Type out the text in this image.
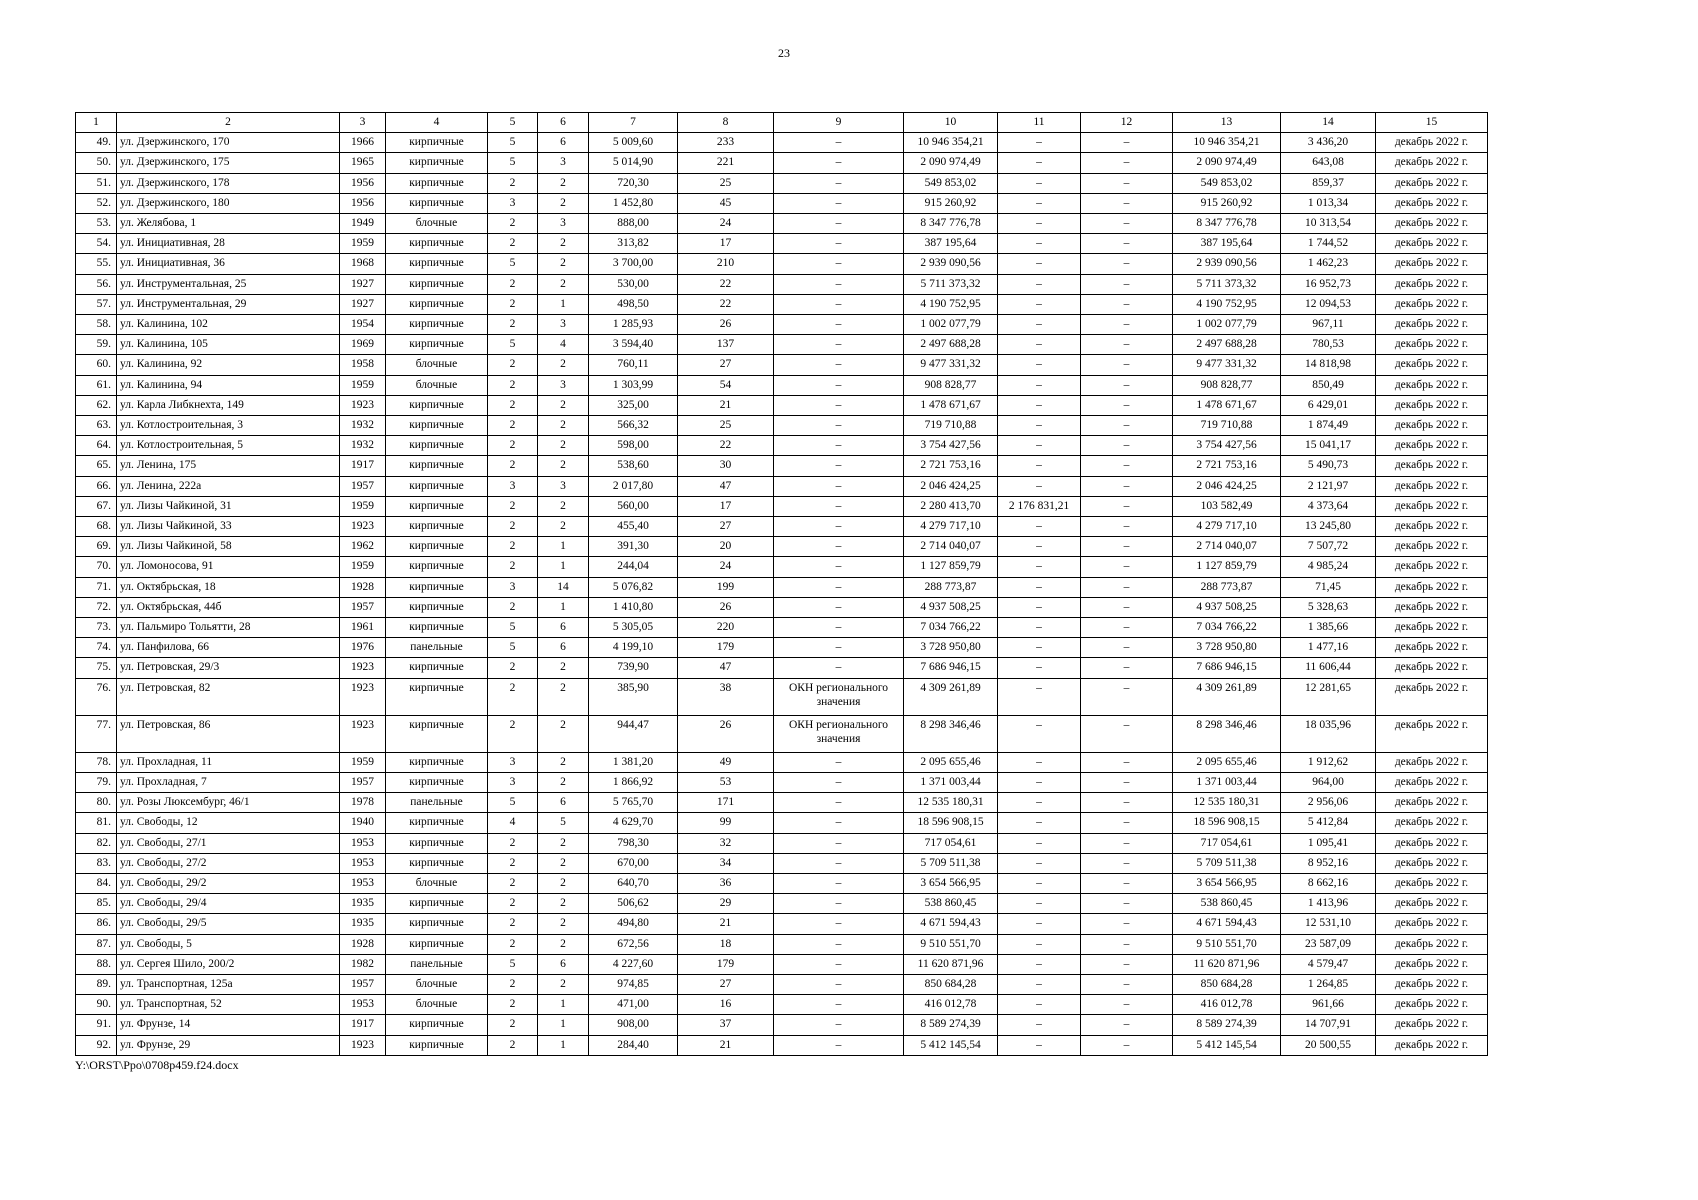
23
1	2	3	4	5	6	7	8	9	10	11	12	13	14	15
49.	ул. Дзержинского, 170	1966	кирпичные	5	6	5 009,60	233	–	10 946 354,21	–	–	10 946 354,21	3 436,20	декабрь 2022 г.
50.	ул. Дзержинского, 175	1965	кирпичные	5	3	5 014,90	221	–	2 090 974,49	–	–	2 090 974,49	643,08	декабрь 2022 г.
51.	ул. Дзержинского, 178	1956	кирпичные	2	2	720,30	25	–	549 853,02	–	–	549 853,02	859,37	декабрь 2022 г.
52.	ул. Дзержинского, 180	1956	кирпичные	3	2	1 452,80	45	–	915 260,92	–	–	915 260,92	1 013,34	декабрь 2022 г.
53.	ул. Желябова, 1	1949	блочные	2	3	888,00	24	–	8 347 776,78	–	–	8 347 776,78	10 313,54	декабрь 2022 г.
54.	ул. Инициативная, 28	1959	кирпичные	2	2	313,82	17	–	387 195,64	–	–	387 195,64	1 744,52	декабрь 2022 г.
55.	ул. Инициативная, 36	1968	кирпичные	5	2	3 700,00	210	–	2 939 090,56	–	–	2 939 090,56	1 462,23	декабрь 2022 г.
56.	ул. Инструментальная, 25	1927	кирпичные	2	2	530,00	22	–	5 711 373,32	–	–	5 711 373,32	16 952,73	декабрь 2022 г.
57.	ул. Инструментальная, 29	1927	кирпичные	2	1	498,50	22	–	4 190 752,95	–	–	4 190 752,95	12 094,53	декабрь 2022 г.
58.	ул. Калинина, 102	1954	кирпичные	2	3	1 285,93	26	–	1 002 077,79	–	–	1 002 077,79	967,11	декабрь 2022 г.
59.	ул. Калинина, 105	1969	кирпичные	5	4	3 594,40	137	–	2 497 688,28	–	–	2 497 688,28	780,53	декабрь 2022 г.
60.	ул. Калинина, 92	1958	блочные	2	2	760,11	27	–	9 477 331,32	–	–	9 477 331,32	14 818,98	декабрь 2022 г.
61.	ул. Калинина, 94	1959	блочные	2	3	1 303,99	54	–	908 828,77	–	–	908 828,77	850,49	декабрь 2022 г.
62.	ул. Карла Либкнехта, 149	1923	кирпичные	2	2	325,00	21	–	1 478 671,67	–	–	1 478 671,67	6 429,01	декабрь 2022 г.
63.	ул. Котлостроительная, 3	1932	кирпичные	2	2	566,32	25	–	719 710,88	–	–	719 710,88	1 874,49	декабрь 2022 г.
64.	ул. Котлостроительная, 5	1932	кирпичные	2	2	598,00	22	–	3 754 427,56	–	–	3 754 427,56	15 041,17	декабрь 2022 г.
65.	ул. Ленина, 175	1917	кирпичные	2	2	538,60	30	–	2 721 753,16	–	–	2 721 753,16	5 490,73	декабрь 2022 г.
66.	ул. Ленина, 222а	1957	кирпичные	3	3	2 017,80	47	–	2 046 424,25	–	–	2 046 424,25	2 121,97	декабрь 2022 г.
67.	ул. Лизы Чайкиной, 31	1959	кирпичные	2	2	560,00	17	–	2 280 413,70	2 176 831,21	–	103 582,49	4 373,64	декабрь 2022 г.
68.	ул. Лизы Чайкиной, 33	1923	кирпичные	2	2	455,40	27	–	4 279 717,10	–	–	4 279 717,10	13 245,80	декабрь 2022 г.
69.	ул. Лизы Чайкиной, 58	1962	кирпичные	2	1	391,30	20	–	2 714 040,07	–	–	2 714 040,07	7 507,72	декабрь 2022 г.
70.	ул. Ломоносова, 91	1959	кирпичные	2	1	244,04	24	–	1 127 859,79	–	–	1 127 859,79	4 985,24	декабрь 2022 г.
71.	ул. Октябрьская, 18	1928	кирпичные	3	14	5 076,82	199	–	288 773,87	–	–	288 773,87	71,45	декабрь 2022 г.
72.	ул. Октябрьская, 44б	1957	кирпичные	2	1	1 410,80	26	–	4 937 508,25	–	–	4 937 508,25	5 328,63	декабрь 2022 г.
73.	ул. Пальмиро Тольятти, 28	1961	кирпичные	5	6	5 305,05	220	–	7 034 766,22	–	–	7 034 766,22	1 385,66	декабрь 2022 г.
74.	ул. Панфилова, 66	1976	панельные	5	6	4 199,10	179	–	3 728 950,80	–	–	3 728 950,80	1 477,16	декабрь 2022 г.
75.	ул. Петровская, 29/3	1923	кирпичные	2	2	739,90	47	–	7 686 946,15	–	–	7 686 946,15	11 606,44	декабрь 2022 г.
76.	ул. Петровская, 82	1923	кирпичные	2	2	385,90	38	ОКН регионального значения	4 309 261,89	–	–	4 309 261,89	12 281,65	декабрь 2022 г.
77.	ул. Петровская, 86	1923	кирпичные	2	2	944,47	26	ОКН регионального значения	8 298 346,46	–	–	8 298 346,46	18 035,96	декабрь 2022 г.
78.	ул. Прохладная, 11	1959	кирпичные	3	2	1 381,20	49	–	2 095 655,46	–	–	2 095 655,46	1 912,62	декабрь 2022 г.
79.	ул. Прохладная, 7	1957	кирпичные	3	2	1 866,92	53	–	1 371 003,44	–	–	1 371 003,44	964,00	декабрь 2022 г.
80.	ул. Розы Люксембург, 46/1	1978	панельные	5	6	5 765,70	171	–	12 535 180,31	–	–	12 535 180,31	2 956,06	декабрь 2022 г.
81.	ул. Свободы, 12	1940	кирпичные	4	5	4 629,70	99	–	18 596 908,15	–	–	18 596 908,15	5 412,84	декабрь 2022 г.
82.	ул. Свободы, 27/1	1953	кирпичные	2	2	798,30	32	–	717 054,61	–	–	717 054,61	1 095,41	декабрь 2022 г.
83.	ул. Свободы, 27/2	1953	кирпичные	2	2	670,00	34	–	5 709 511,38	–	–	5 709 511,38	8 952,16	декабрь 2022 г.
84.	ул. Свободы, 29/2	1953	блочные	2	2	640,70	36	–	3 654 566,95	–	–	3 654 566,95	8 662,16	декабрь 2022 г.
85.	ул. Свободы, 29/4	1935	кирпичные	2	2	506,62	29	–	538 860,45	–	–	538 860,45	1 413,96	декабрь 2022 г.
86.	ул. Свободы, 29/5	1935	кирпичные	2	2	494,80	21	–	4 671 594,43	–	–	4 671 594,43	12 531,10	декабрь 2022 г.
87.	ул. Свободы, 5	1928	кирпичные	2	2	672,56	18	–	9 510 551,70	–	–	9 510 551,70	23 587,09	декабрь 2022 г.
88.	ул. Сергея Шило, 200/2	1982	панельные	5	6	4 227,60	179	–	11 620 871,96	–	–	11 620 871,96	4 579,47	декабрь 2022 г.
89.	ул. Транспортная, 125а	1957	блочные	2	2	974,85	27	–	850 684,28	–	–	850 684,28	1 264,85	декабрь 2022 г.
90.	ул. Транспортная, 52	1953	блочные	2	1	471,00	16	–	416 012,78	–	–	416 012,78	961,66	декабрь 2022 г.
91.	ул. Фрунзе, 14	1917	кирпичные	2	1	908,00	37	–	8 589 274,39	–	–	8 589 274,39	14 707,91	декабрь 2022 г.
92.	ул. Фрунзе, 29	1923	кирпичные	2	1	284,40	21	–	5 412 145,54	–	–	5 412 145,54	20 500,55	декабрь 2022 г.
Y:\ORST\Ppo\0708p459.f24.docx
